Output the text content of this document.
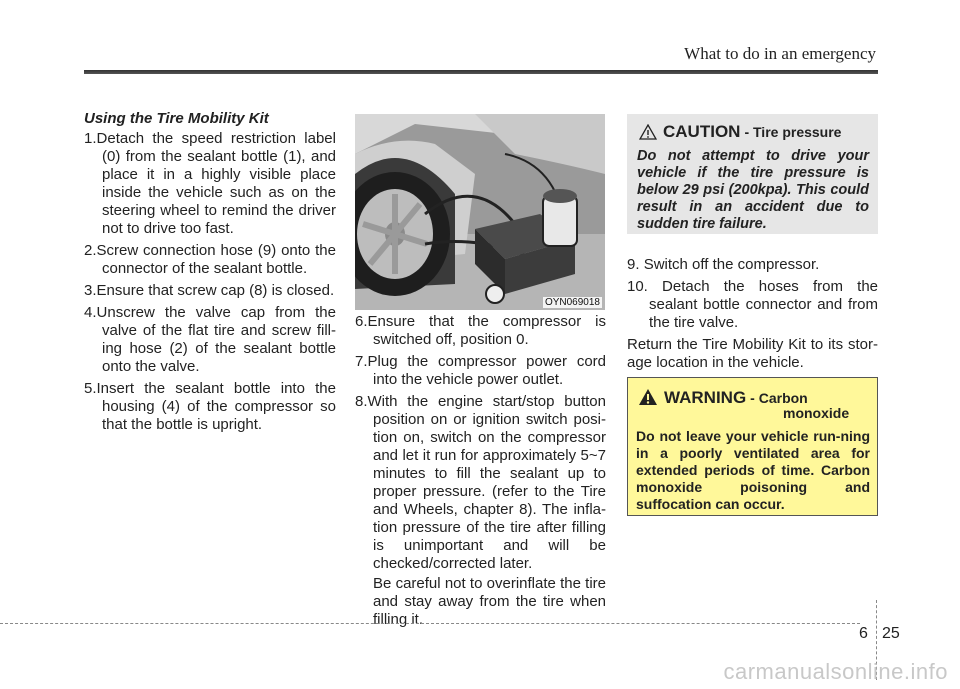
What to do in an emergency
Using the Tire Mobility Kit
1.Detach the speed restriction label (0) from the sealant bottle (1), and place it in a highly visible place inside the vehicle such as on the steering wheel to remind the driver not to drive too fast.
2.Screw connection hose (9) onto the connector of the sealant bottle.
3.Ensure that screw cap (8) is closed.
4.Unscrew the valve cap from the valve of the flat tire and screw fill-ing hose (2) of the sealant bottle onto the valve.
5.Insert the sealant bottle into the housing (4) of the compressor so that the bottle is upright.
OYN069018
6.Ensure that the compressor is switched off, position 0.
7.Plug the compressor power cord into the vehicle power outlet.
8.With the engine start/stop button position on or ignition switch posi-tion on, switch on the compressor and let it run for approximately 5~7 minutes to fill the sealant up to proper pressure. (refer to the Tire and Wheels, chapter 8). The infla-tion pressure of the tire after filling is unimportant and will be checked/corrected later.
Be careful not to overinflate the tire and stay away from the tire when filling it.
CAUTION - Tire pressure
Do not attempt to drive your vehicle if the tire pressure is below 29 psi (200kpa). This could result in an accident due to sudden tire failure.
9. Switch off the compressor.
10. Detach the hoses from the sealant bottle connector and from the tire valve.
Return the Tire Mobility Kit to its stor-age location in the vehicle.
WARNING - Carbon
monoxide
Do not leave your vehicle run-ning in a poorly ventilated area for extended periods of time. Carbon monoxide poisoning and suffocation can occur.
6 25
carmanualsonline.info
